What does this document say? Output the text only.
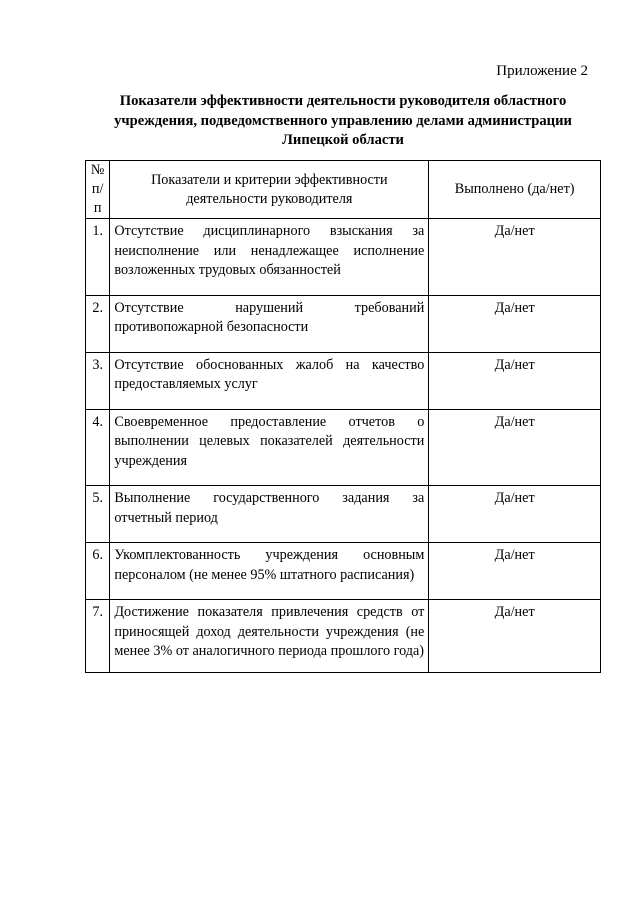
Приложение 2
Показатели эффективности деятельности руководителя областного учреждения, подведомственного управлению делами администрации Липецкой области
№ п/п	Показатели и критерии эффективности деятельности руководителя	Выполнено (да/нет)
1.	Отсутствие дисциплинарного взыскания за неисполнение или ненадлежащее исполнение возложенных трудовых обязанностей	Да/нет
2.	Отсутствие нарушений требований противопожарной безопасности	Да/нет
3.	Отсутствие обоснованных жалоб на качество предоставляемых услуг	Да/нет
4.	Своевременное предоставление отчетов о выполнении целевых показателей деятельности учреждения	Да/нет
5.	Выполнение государственного задания за отчетный период	Да/нет
6.	Укомплектованность учреждения основным персоналом (не менее 95% штатного расписания)	Да/нет
7.	Достижение показателя привлечения средств от приносящей доход деятельности учреждения (не менее 3% от аналогичного периода прошлого года)	Да/нет
